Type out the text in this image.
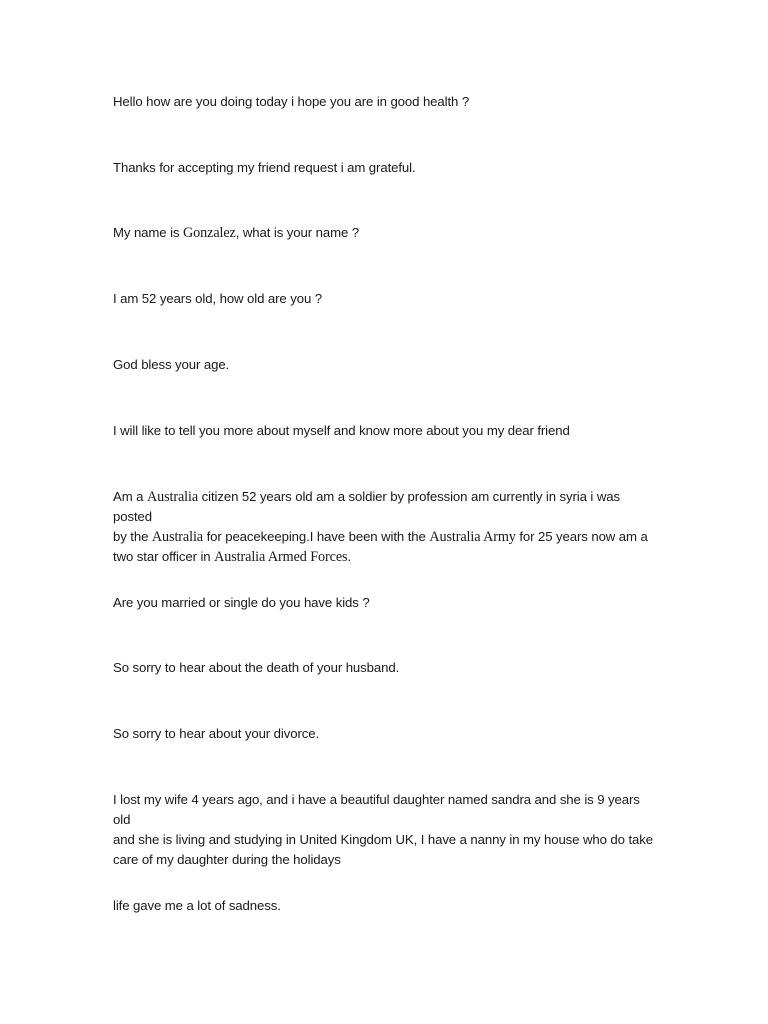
Hello how are you doing today i hope you are in good health ?

Thanks for accepting my friend request i am grateful.

My name is Gonzalez, what is your name ?

I am 52 years old, how old are you ?

God bless your age.

I will like to tell you more about myself and know more about you my dear friend

Am a Australia citizen 52 years old am a soldier by profession am currently in syria i was posted
by the Australia for peacekeeping.I have been with the Australia Army for 25 years now am a
two star officer in Australia Armed Forces.

Are you married or single do you have kids ?

So sorry to hear about the death of your husband.

So sorry to hear about your divorce.

I lost my wife 4 years ago, and i have a beautiful daughter named sandra and she is 9 years old
and she is living and studying in United Kingdom UK, I have a nanny in my house who do take
care of my daughter during the holidays

life gave me a lot of sadness.
